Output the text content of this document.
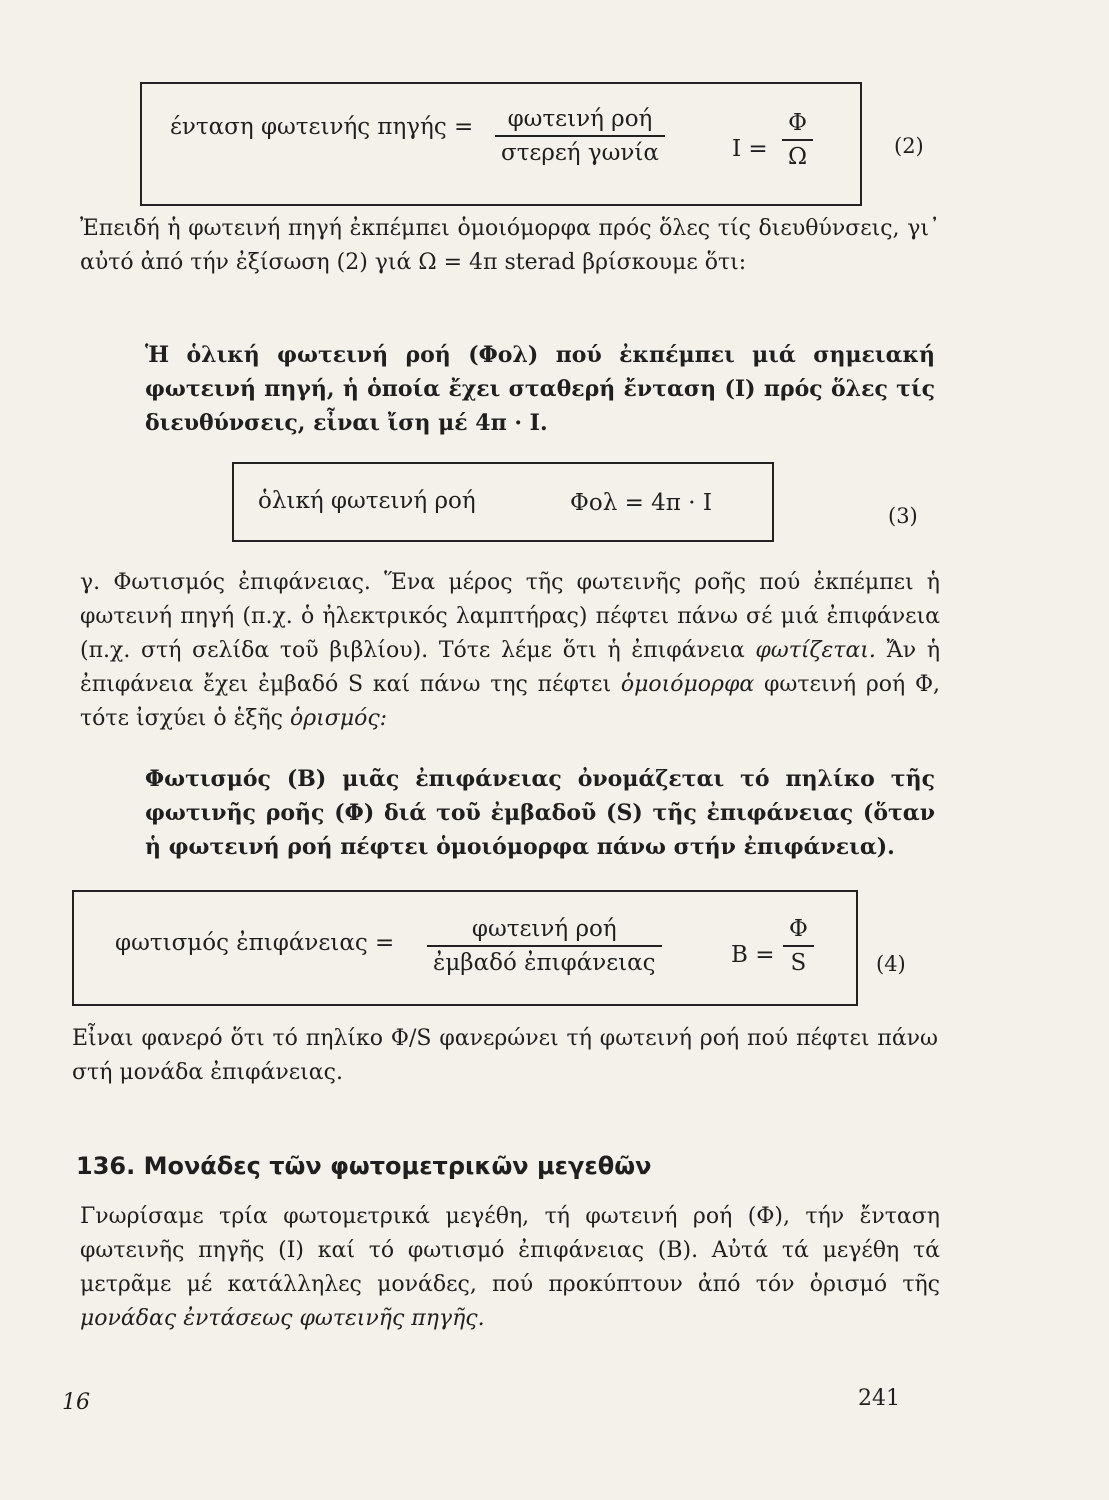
ένταση φωτεινής πηγής =	φωτεινή ροή
στερεή γωνία	$I = \frac{\Phi}{\Omega}$	(2)
Ἐπειδή ἡ φωτεινή πηγή ἐκπέμπει ὁμοιόμορφα πρός ὅλες τίς διευθύνσεις, γι᾽ αὐτό ἀπό τήν ἐξίσωση (2) γιά Ω = 4π sterad βρίσκουμε ὅτι:
Ἡ ὁλική φωτεινή ροή (Φολ) πού ἐκπέμπει μιά σημειακή φωτεινή πηγή, ἡ ὁποία ἔχει σταθερή ἔνταση (I) πρός ὅλες τίς διευθύνσεις, εἶναι ἴση μέ 4π · I.
ὁλική φωτεινή ροή	Φολ = 4π · I	(3)
γ. Φωτισμός ἐπιφάνειας. Ἕνα μέρος τῆς φωτεινῆς ροῆς πού ἐκπέμπει ἡ φωτεινή πηγή (π.χ. ὁ ἠλεκτρικός λαμπτήρας) πέφτει πάνω σέ μιά ἐπιφάνεια (π.χ. στή σελίδα τοῦ βιβλίου). Τότε λέμε ὅτι ἡ ἐπιφάνεια φωτίζεται. Ἄν ἡ ἐπιφάνεια ἔχει ἐμβαδό S καί πάνω της πέφτει ὁμοιόμορφα φωτεινή ροή Φ, τότε ἰσχύει ὁ ἑξῆς ὁρισμός:
Φωτισμός (B) μιᾶς ἐπιφάνειας ὀνομάζεται τό πηλίκο τῆς φωτινῆς ροῆς (Φ) διά τοῦ ἐμβαδοῦ (S) τῆς ἐπιφάνειας (ὅταν ἡ φωτεινή ροή πέφτει ὁμοιόμορφα πάνω στήν ἐπιφάνεια).
φωτισμός ἐπιφάνειας =
φωτεινή ροή
ἐμβαδό ἐπιφάνειας	$B = \frac{\Phi}{S}$	(4)
Εἶναι φανερό ὅτι τό πηλίκο Φ/S φανερώνει τή φωτεινή ροή πού πέφτει πάνω στή μονάδα ἐπιφάνειας.
136. Μονάδες τῶν φωτομετρικῶν μεγεθῶν
Γνωρίσαμε τρία φωτομετρικά μεγέθη, τή φωτεινή ροή (Φ), τήν ἔνταση φωτεινῆς πηγῆς (I) καί τό φωτισμό ἐπιφάνειας (B). Αὐτά τά μεγέθη τά μετρᾶμε μέ κατάλληλες μονάδες, πού προκύπτουν ἀπό τόν ὁρισμό τῆς μονάδας ἐντάσεως φωτεινῆς πηγῆς.
16	241
